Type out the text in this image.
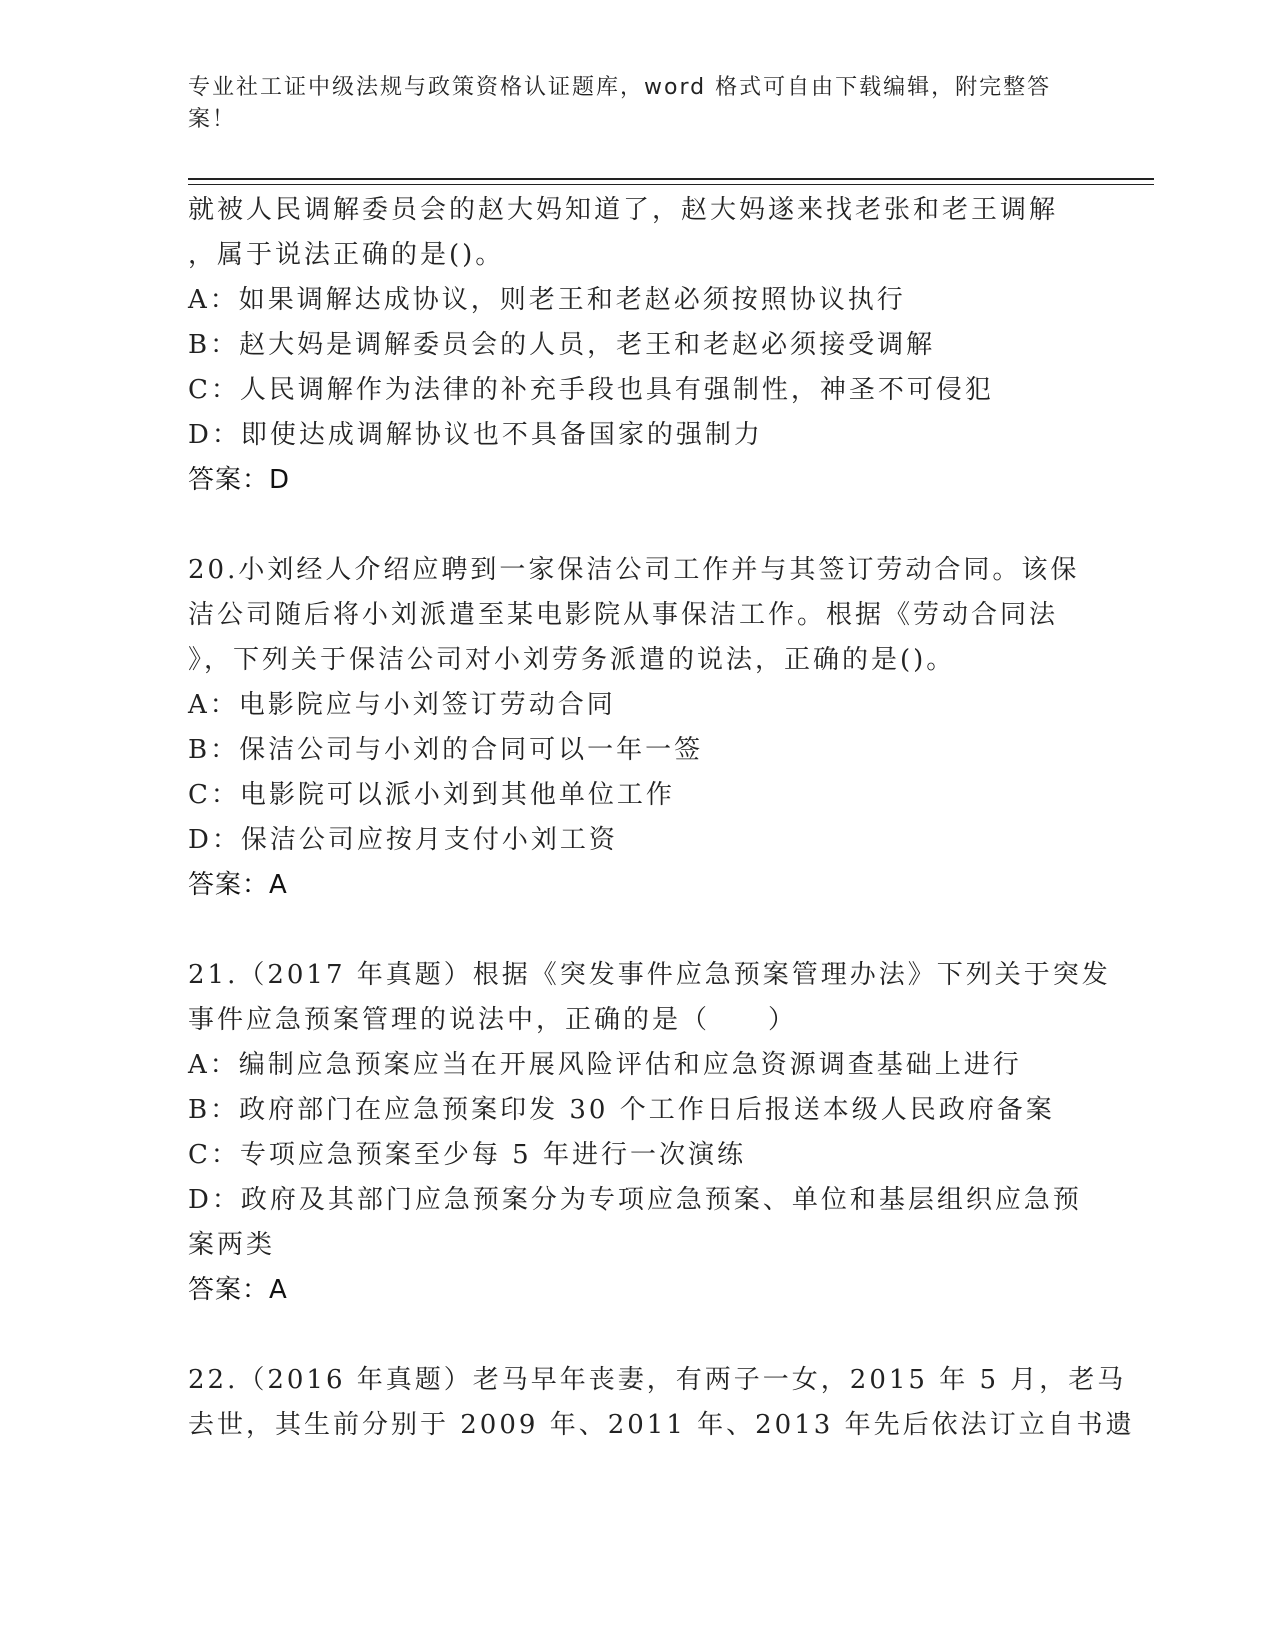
专业社工证中级法规与政策资格认证题库，word 格式可自由下载编辑，附完整答
案！
就被人民调解委员会的赵大妈知道了，赵大妈遂来找老张和老王调解
，属于说法正确的是()。
A：如果调解达成协议，则老王和老赵必须按照协议执行
B：赵大妈是调解委员会的人员，老王和老赵必须接受调解
C：人民调解作为法律的补充手段也具有强制性，神圣不可侵犯
D：即使达成调解协议也不具备国家的强制力
答案：D
20.小刘经人介绍应聘到一家保洁公司工作并与其签订劳动合同。该保
洁公司随后将小刘派遣至某电影院从事保洁工作。根据《劳动合同法
》，下列关于保洁公司对小刘劳务派遣的说法，正确的是()。
A：电影院应与小刘签订劳动合同
B：保洁公司与小刘的合同可以一年一签
C：电影院可以派小刘到其他单位工作
D：保洁公司应按月支付小刘工资
答案：A
21.（2017 年真题）根据《突发事件应急预案管理办法》下列关于突发
事件应急预案管理的说法中，正确的是（　　）
A：编制应急预案应当在开展风险评估和应急资源调查基础上进行
B：政府部门在应急预案印发 30 个工作日后报送本级人民政府备案
C：专项应急预案至少每 5 年进行一次演练
D：政府及其部门应急预案分为专项应急预案、单位和基层组织应急预
案两类
答案：A
22.（2016 年真题）老马早年丧妻，有两子一女，2015 年 5 月，老马
去世，其生前分别于 2009 年、2011 年、2013 年先后依法订立自书遗
